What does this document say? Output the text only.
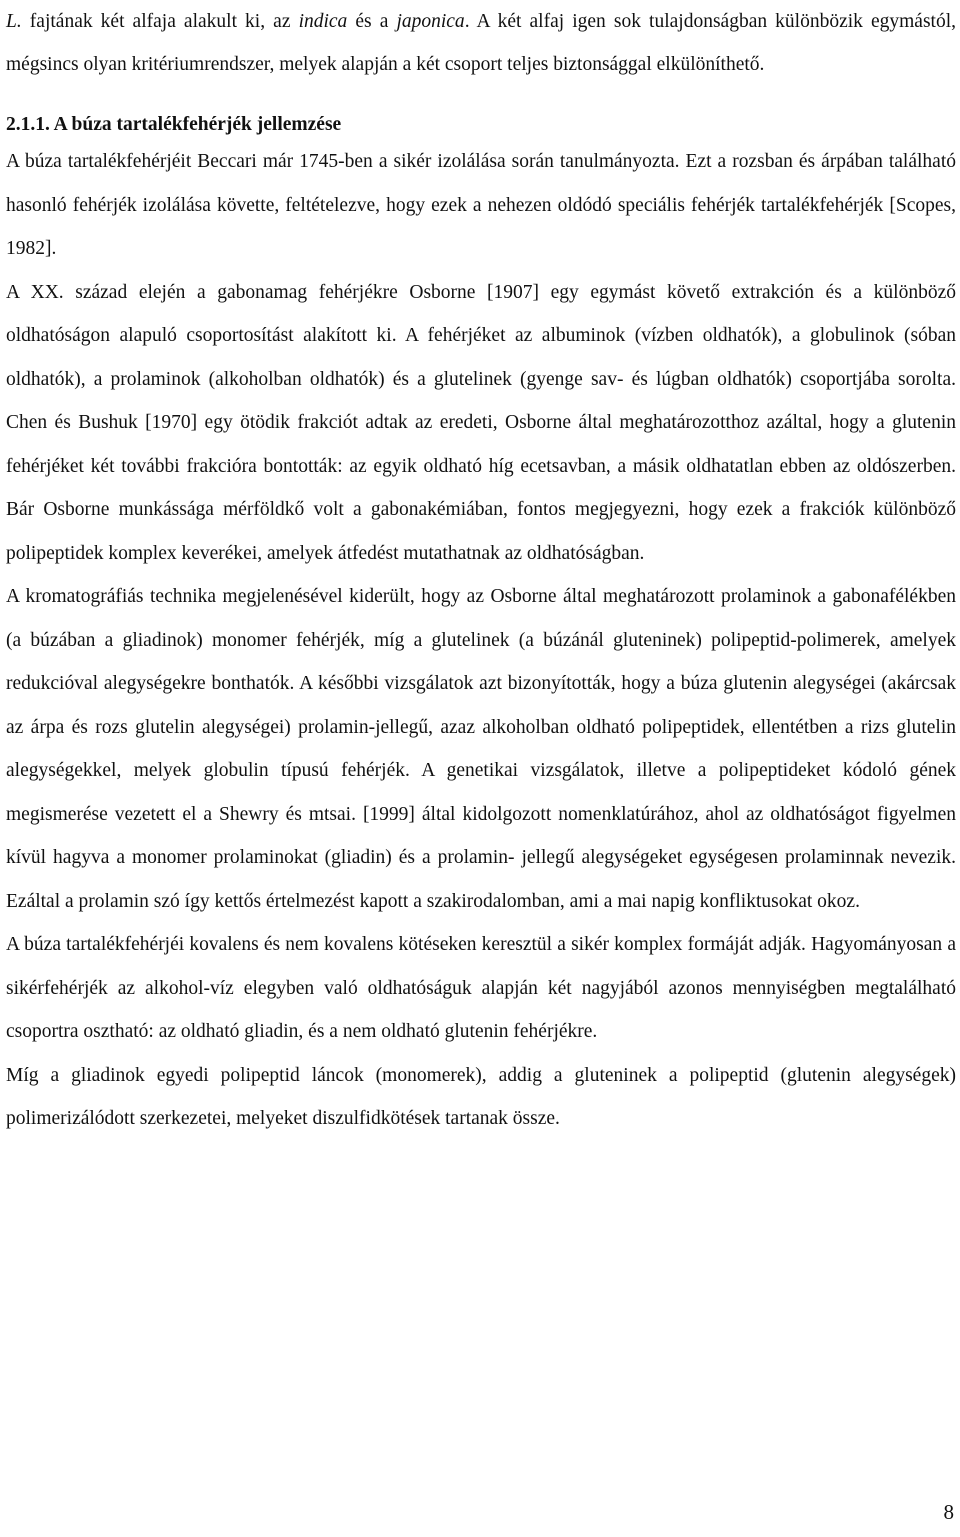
L. fajtának két alfaja alakult ki, az indica és a japonica. A két alfaj igen sok tulajdonságban különbözik egymástól, mégsincs olyan kritériumrendszer, melyek alapján a két csoport teljes biztonsággal elkülöníthető.

2.1.1. A búza tartalékfehérjék jellemzése

A búza tartalékfehérjéit Beccari már 1745-ben a sikér izolálása során tanulmányozta. Ezt a rozsban és árpában található hasonló fehérjék izolálása követte, feltételezve, hogy ezek a nehezen oldódó speciális fehérjék tartalékfehérjék [Scopes, 1982].

A XX. század elején a gabonamag fehérjékre Osborne [1907] egy egymást követő extrakción és a különböző oldhatóságon alapuló csoportosítást alakított ki. A fehérjéket az albuminok (vízben oldhatók), a globulinok (sóban oldhatók), a prolaminok (alkoholban oldhatók) és a glutelinek (gyenge sav- és lúgban oldhatók) csoportjába sorolta. Chen és Bushuk [1970] egy ötödik frakciót adtak az eredeti, Osborne által meghatározotthoz azáltal, hogy a glutenin fehérjéket két további frakcióra bontották: az egyik oldható híg ecetsavban, a másik oldhatatlan ebben az oldószerben. Bár Osborne munkássága mérföldkő volt a gabonakémiában, fontos megjegyezni, hogy ezek a frakciók különböző polipeptidek komplex keverékei, amelyek átfedést mutathatnak az oldhatóságban.

A kromatográfiás technika megjelenésével kiderült, hogy az Osborne által meghatározott prolaminok a gabonafélékben (a búzában a gliadinok) monomer fehérjék, míg a glutelinek (a búzánál gluteninek) polipeptid-polimerek, amelyek redukcióval alegységekre bonthatók. A későbbi vizsgálatok azt bizonyították, hogy a búza glutenin alegységei (akárcsak az árpa és rozs glutelin alegységei) prolamin-jellegű, azaz alkoholban oldható polipeptidek, ellentétben a rizs glutelin alegységekkel, melyek globulin típusú fehérjék. A genetikai vizsgálatok, illetve a polipeptideket kódoló gének megismerése vezetett el a Shewry és mtsai. [1999] által kidolgozott nomenklatúrához, ahol az oldhatóságot figyelmen kívül hagyva a monomer prolaminokat (gliadin) és a prolamin- jellegű alegységeket egységesen prolaminnak nevezik. Ezáltal a prolamin szó így kettős értelmezést kapott a szakirodalomban, ami a mai napig konfliktusokat okoz.

A búza tartalékfehérjéi kovalens és nem kovalens kötéseken keresztül a sikér komplex formáját adják. Hagyományosan a sikérfehérjék az alkohol-víz elegyben való oldhatóságuk alapján két nagyjából azonos mennyiségben megtalálható csoportra osztható: az oldható gliadin, és a nem oldható glutenin fehérjékre.

Míg a gliadinok egyedi polipeptid láncok (monomerek), addig a gluteninek a polipeptid (glutenin alegységek) polimerizálódott szerkezetei, melyeket diszulfidkötések tartanak össze.

8
